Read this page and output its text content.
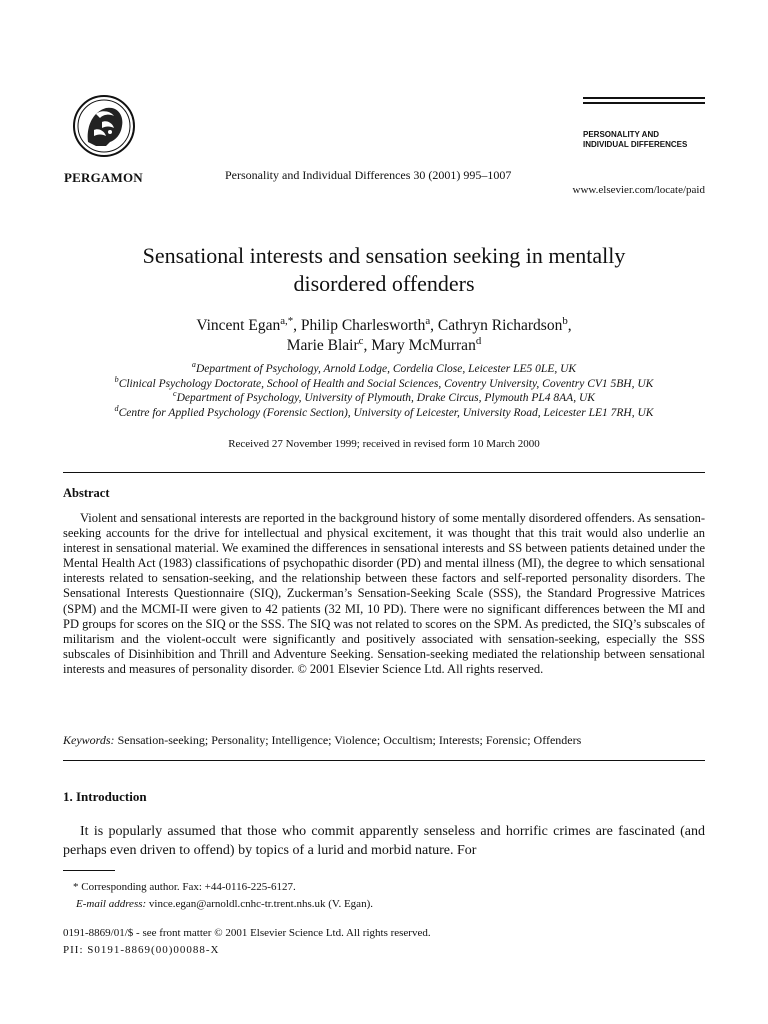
PERGAMON	Personality and Individual Differences 30 (2001) 995–1007
PERSONALITY AND
INDIVIDUAL DIFFERENCES
www.elsevier.com/locate/paid
Sensational interests and sensation seeking in mentally
disordered offenders
Vincent Egan$^{a,*}$, Philip Charlesworth$^a$, Cathryn Richardson$^b$,
Marie Blair$^c$, Mary McMurran$^d$
$^a$Department of Psychology, Arnold Lodge, Cordelia Close, Leicester LE5 0LE, UK
$^b$Clinical Psychology Doctorate, School of Health and Social Sciences, Coventry University, Coventry CV1 5BH, UK
$^c$Department of Psychology, University of Plymouth, Drake Circus, Plymouth PL4 8AA, UK
$^d$Centre for Applied Psychology (Forensic Section), University of Leicester, University Road, Leicester LE1 7RH, UK
Received 27 November 1999; received in revised form 10 March 2000
Abstract
Violent and sensational interests are reported in the background history of some mentally disordered offenders. As sensation-seeking accounts for the drive for intellectual and physical excitement, it was thought that this trait would also underlie an interest in sensational material. We examined the differences in sensational interests and SS between patients detained under the Mental Health Act (1983) classifications of psychopathic disorder (PD) and mental illness (MI), the degree to which sensational interests related to sensation-seeking, and the relationship between these factors and self-reported personality disorders. The Sensational Interests Questionnaire (SIQ), Zuckerman’s Sensation-Seeking Scale (SSS), the Standard Progressive Matrices (SPM) and the MCMI-II were given to 42 patients (32 MI, 10 PD). There were no significant differences between the MI and PD groups for scores on the SIQ or the SSS. The SIQ was not related to scores on the SPM. As predicted, the SIQ’s subscales of militarism and the violent-occult were significantly and positively associated with sensation-seeking, especially the SSS subscales of Disinhibition and Thrill and Adventure Seeking. Sensation-seeking mediated the relationship between sensational interests and measures of personality disorder. © 2001 Elsevier Science Ltd. All rights reserved.
Keywords: Sensation-seeking; Personality; Intelligence; Violence; Occultism; Interests; Forensic; Offenders
1. Introduction
It is popularly assumed that those who commit apparently senseless and horrific crimes are fascinated (and perhaps even driven to offend) by topics of a lurid and morbid nature. For
* Corresponding author. Fax: +44-0116-225-6127.
E-mail address: vince.egan@arnoldl.cnhc-tr.trent.nhs.uk (V. Egan).
0191-8869/01/$ - see front matter © 2001 Elsevier Science Ltd. All rights reserved.
PII: S0191-8869(00)00088-X
